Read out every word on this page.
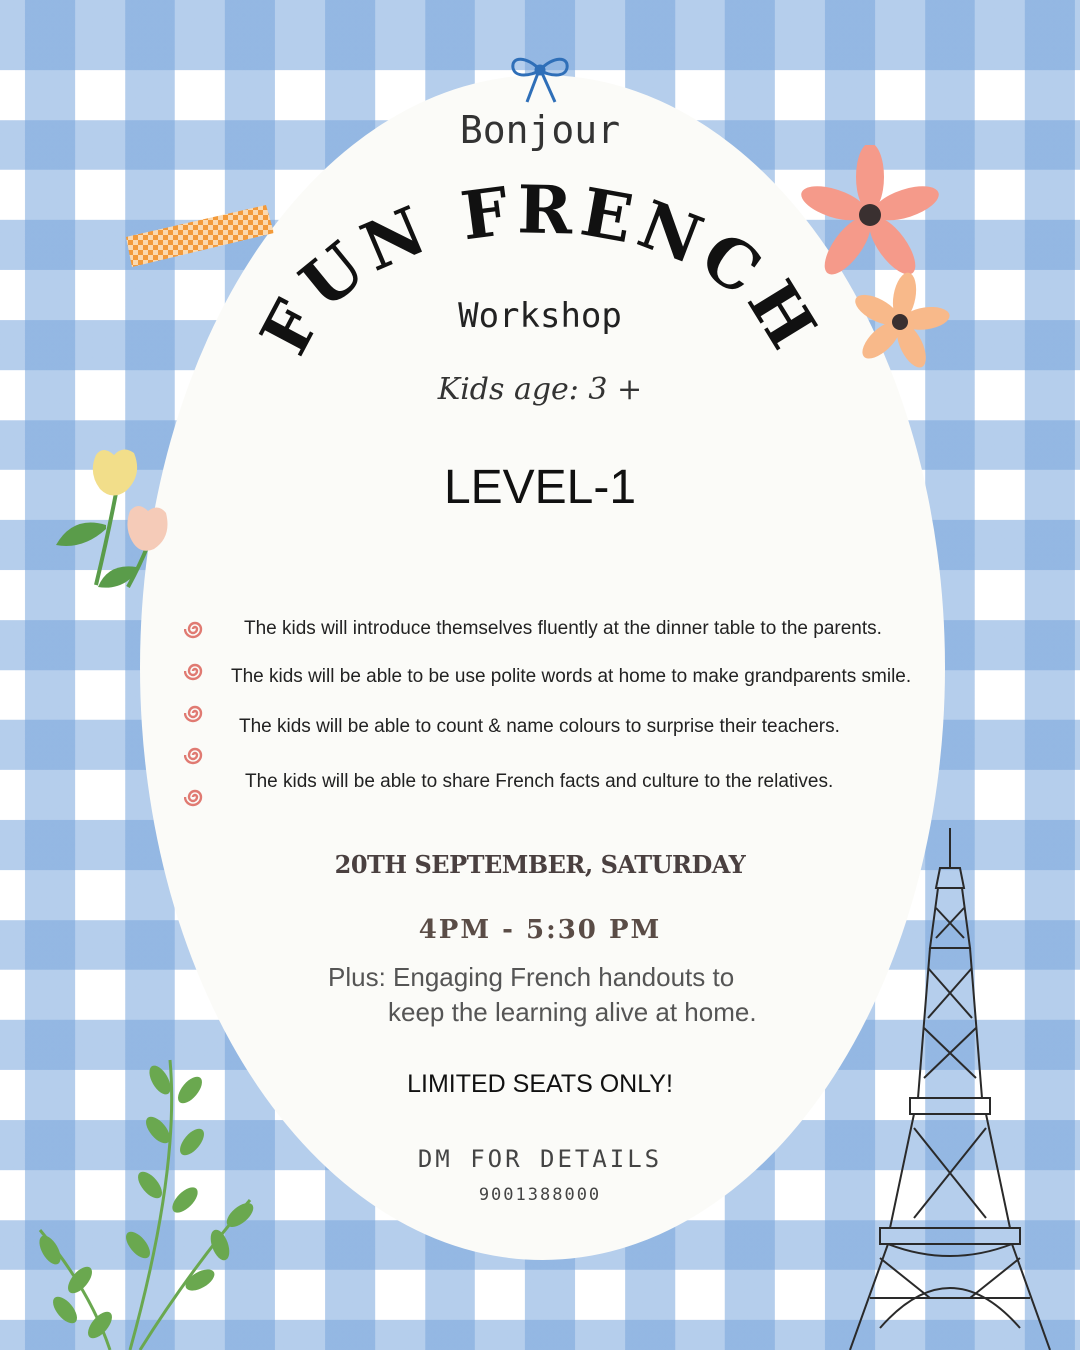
Bonjour
FUN FRENCH
Workshop
Kids age: 3 +
LEVEL-1
The kids will introduce themselves fluently at the dinner table to the parents.
The kids will be able to be use polite words at home to make grandparents smile.
The kids will be able to count & name colours to surprise their teachers.
The kids will be able to share French facts and culture to the relatives.
20TH SEPTEMBER, SATURDAY
4PM - 5:30 PM
Plus: Engaging French handouts to
keep the learning alive at home.
LIMITED SEATS ONLY!
DM FOR DETAILS
9001388000
